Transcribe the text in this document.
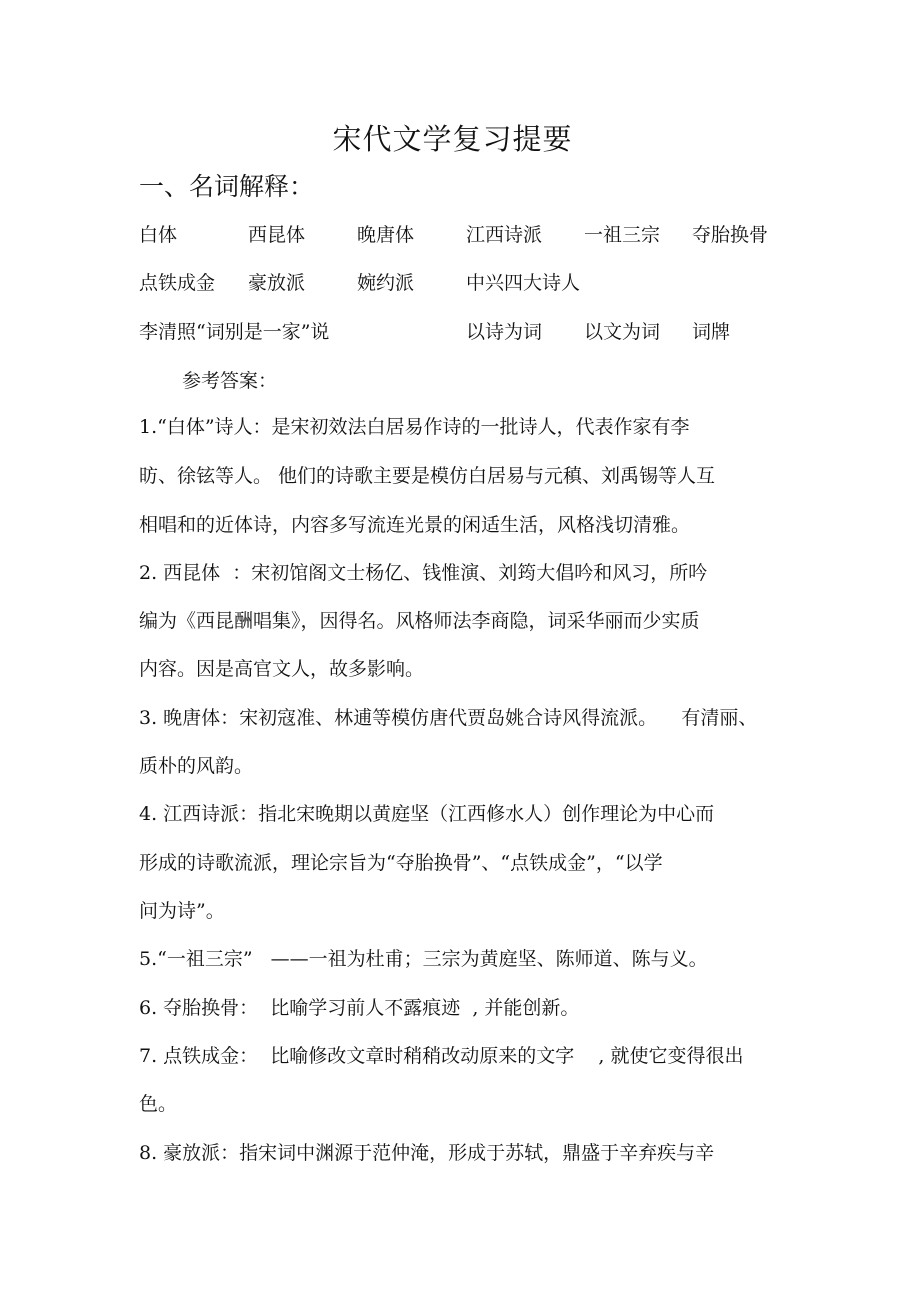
宋代文学复习提要
一、名词解释：
白体	西昆体	晚唐体	江西诗派 一祖三宗 夺胎换骨
点铁成金 豪放派	婉约派	中兴四大诗人
李清照“词别是一家”说	以诗为词 以文为词 词牌
参考答案：
1.“白体”诗人：是宋初效法白居易作诗的一批诗人，代表作家有李
昉、徐铉等人。 他们的诗歌主要是模仿白居易与元稹、刘禹锡等人互
相唱和的近体诗，内容多写流连光景的闲适生活，风格浅切清雅。
2. 西昆体  ：宋初馆阁文士杨亿、钱惟演、刘筠大倡吟和风习，所吟
编为《西昆酬唱集》，因得名。风格师法李商隐，词采华丽而少实质
内容。因是高官文人，故多影响。
3. 晚唐体：宋初寇准、林逋等模仿唐代贾岛姚合诗风得流派。    有清丽、
质朴的风韵。
4. 江西诗派：指北宋晚期以黄庭坚（江西修水人）创作理论为中心而
形成的诗歌流派，理论宗旨为“夺胎换骨”、“点铁成金”，“以学
问为诗”。
5.“一祖三宗”   ——一祖为杜甫；三宗为黄庭坚、陈师道、陈与义。
6. 夺胎换骨：  比喻学习前人不露痕迹  , 并能创新。
7. 点铁成金：  比喻修改文章时稍稍改动原来的文字    , 就使它变得很出
色。
8. 豪放派：指宋词中渊源于范仲淹，形成于苏轼，鼎盛于辛弃疾与辛
